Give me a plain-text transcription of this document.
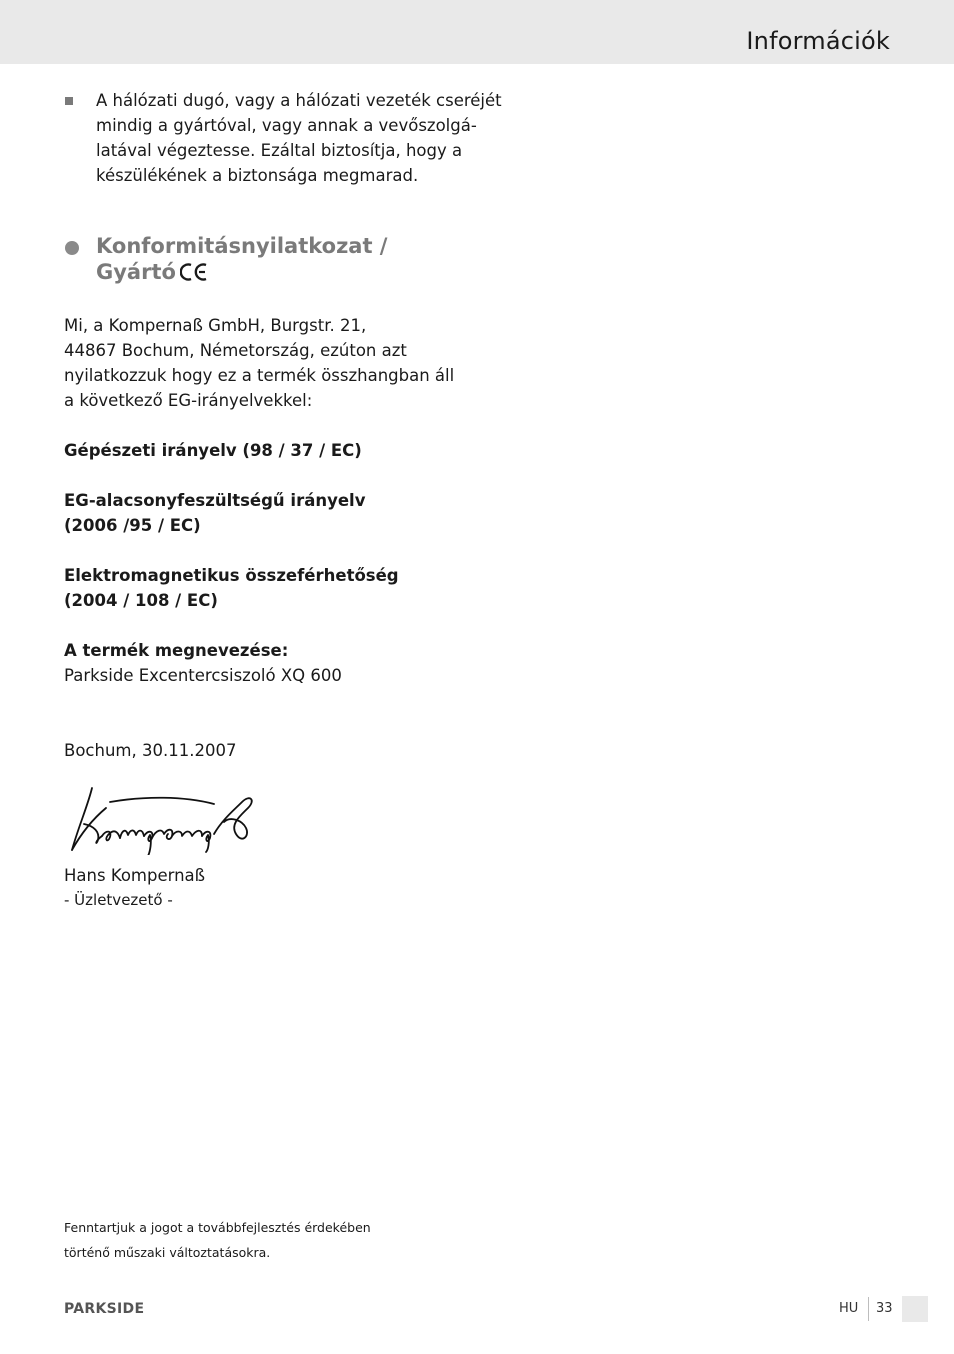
Információk
A hálózati dugó, vagy a hálózati vezeték cseréjét
mindig a gyártóval, vagy annak a vevőszolgá-
latával végeztesse. Ezáltal biztosítja, hogy a
készülékének a biztonsága megmarad.
Konformitásnyilatkozat /
Gyártó
Mi, a Kompernaß GmbH, Burgstr. 21,
44867 Bochum, Németország, ezúton azt
nyilatkozzuk hogy ez a termék összhangban áll
a következő EG-irányelvekkel:
Gépészeti irányelv (98 / 37 / EC)
EG-alacsonyfeszültségű irányelv
(2006 /95 / EC)
Elektromagnetikus összeférhetőség
(2004 / 108 / EC)
A termék megnevezése:
Parkside Excentercsiszoló XQ 600
Bochum, 30.11.2007
Hans Kompernaß
- Üzletvezető -
Fenntartjuk a jogot a továbbfejlesztés érdekében
történő műszaki változtatásokra.
PARKSIDE	HU 33
